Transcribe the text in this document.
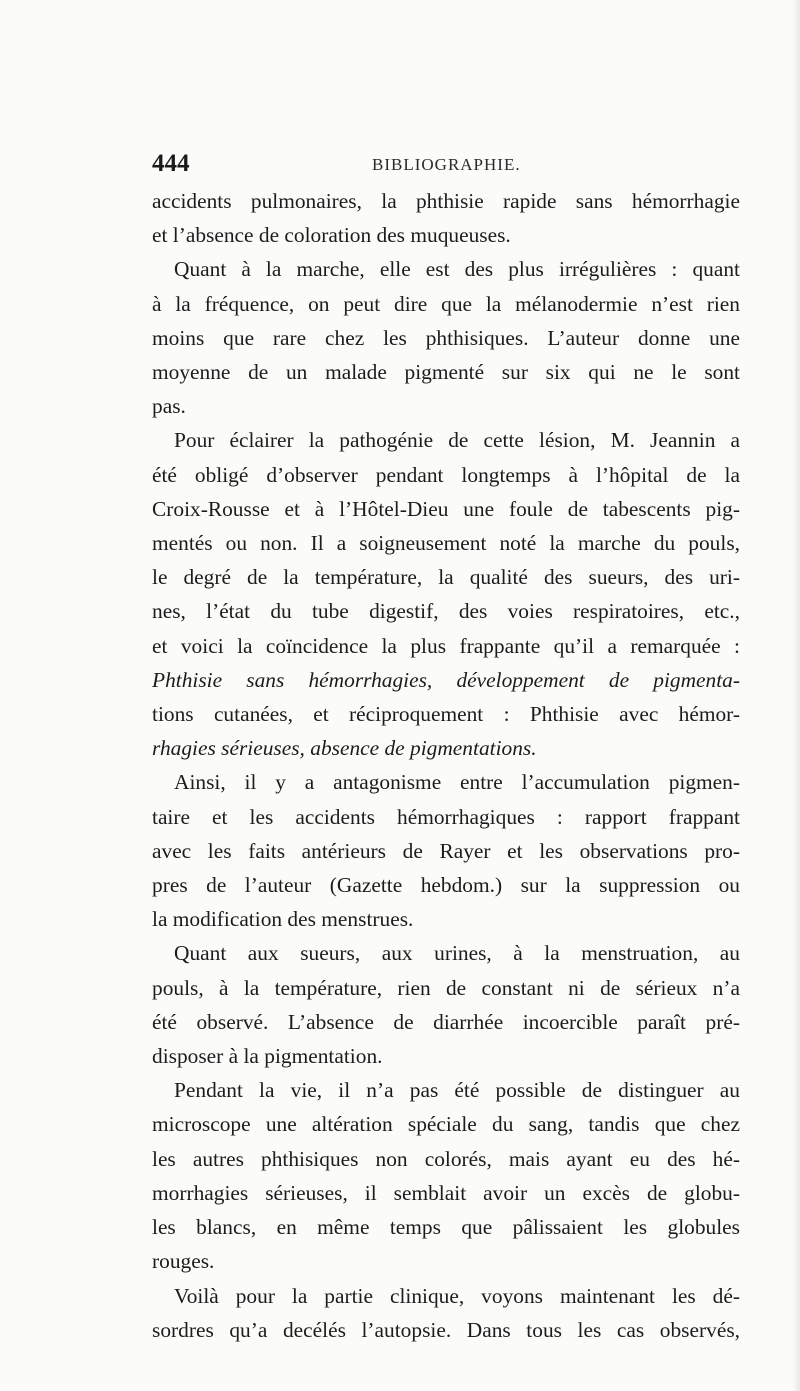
444	BIBLIOGRAPHIE.
accidents pulmonaires, la phthisie rapide sans hémorrhagie
et l’absence de coloration des muqueuses.
Quant à la marche, elle est des plus irrégulières : quant
à la fréquence, on peut dire que la mélanodermie n’est rien
moins que rare chez les phthisiques. L’auteur donne une
moyenne de un malade pigmenté sur six qui ne le sont
pas.
Pour éclairer la pathogénie de cette lésion, M. Jeannin a
été obligé d’observer pendant longtemps à l’hôpital de la
Croix-Rousse et à l’Hôtel-Dieu une foule de tabescents pig-
mentés ou non. Il a soigneusement noté la marche du pouls,
le degré de la température, la qualité des sueurs, des uri-
nes, l’état du tube digestif, des voies respiratoires, etc.,
et voici la coïncidence la plus frappante qu’il a remarquée :
Phthisie sans hémorrhagies, développement de pigmenta-
tions cutanées, et réciproquement : Phthisie avec hémor-
rhagies sérieuses, absence de pigmentations.
Ainsi, il y a antagonisme entre l’accumulation pigmen-
taire et les accidents hémorrhagiques : rapport frappant
avec les faits antérieurs de Rayer et les observations pro-
pres de l’auteur (Gazette hebdom.) sur la suppression ou
la modification des menstrues.
Quant aux sueurs, aux urines, à la menstruation, au
pouls, à la température, rien de constant ni de sérieux n’a
été observé. L’absence de diarrhée incoercible paraît pré-
disposer à la pigmentation.
Pendant la vie, il n’a pas été possible de distinguer au
microscope une altération spéciale du sang, tandis que chez
les autres phthisiques non colorés, mais ayant eu des hé-
morrhagies sérieuses, il semblait avoir un excès de globu-
les blancs, en même temps que pâlissaient les globules
rouges.
Voilà pour la partie clinique, voyons maintenant les dé-
sordres qu’a decélés l’autopsie. Dans tous les cas observés,
